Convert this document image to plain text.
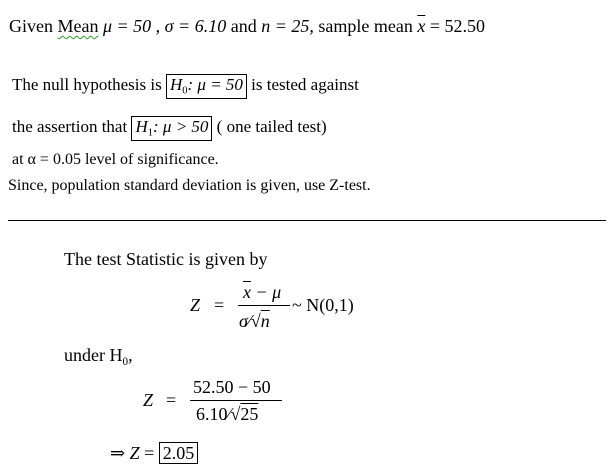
Given Mean μ = 50 , σ = 6.10 and n = 25, sample mean $\overline{x} = 52.50$
The null hypothesis is $H_0$: μ = 50 is tested against
the assertion that $H_1$: μ > 50 ( one tailed test)
at α = 0.05 level of significance.
Since, population standard deviation is given, use Z-test.
The test Statistic is given by
Z =
$\overline{x} - \mu$
σ⁄√n
~ N(0,1)
under $H_0$,
Z =
52.50 − 50
6.10⁄√25
⇒ Z = 2.05
